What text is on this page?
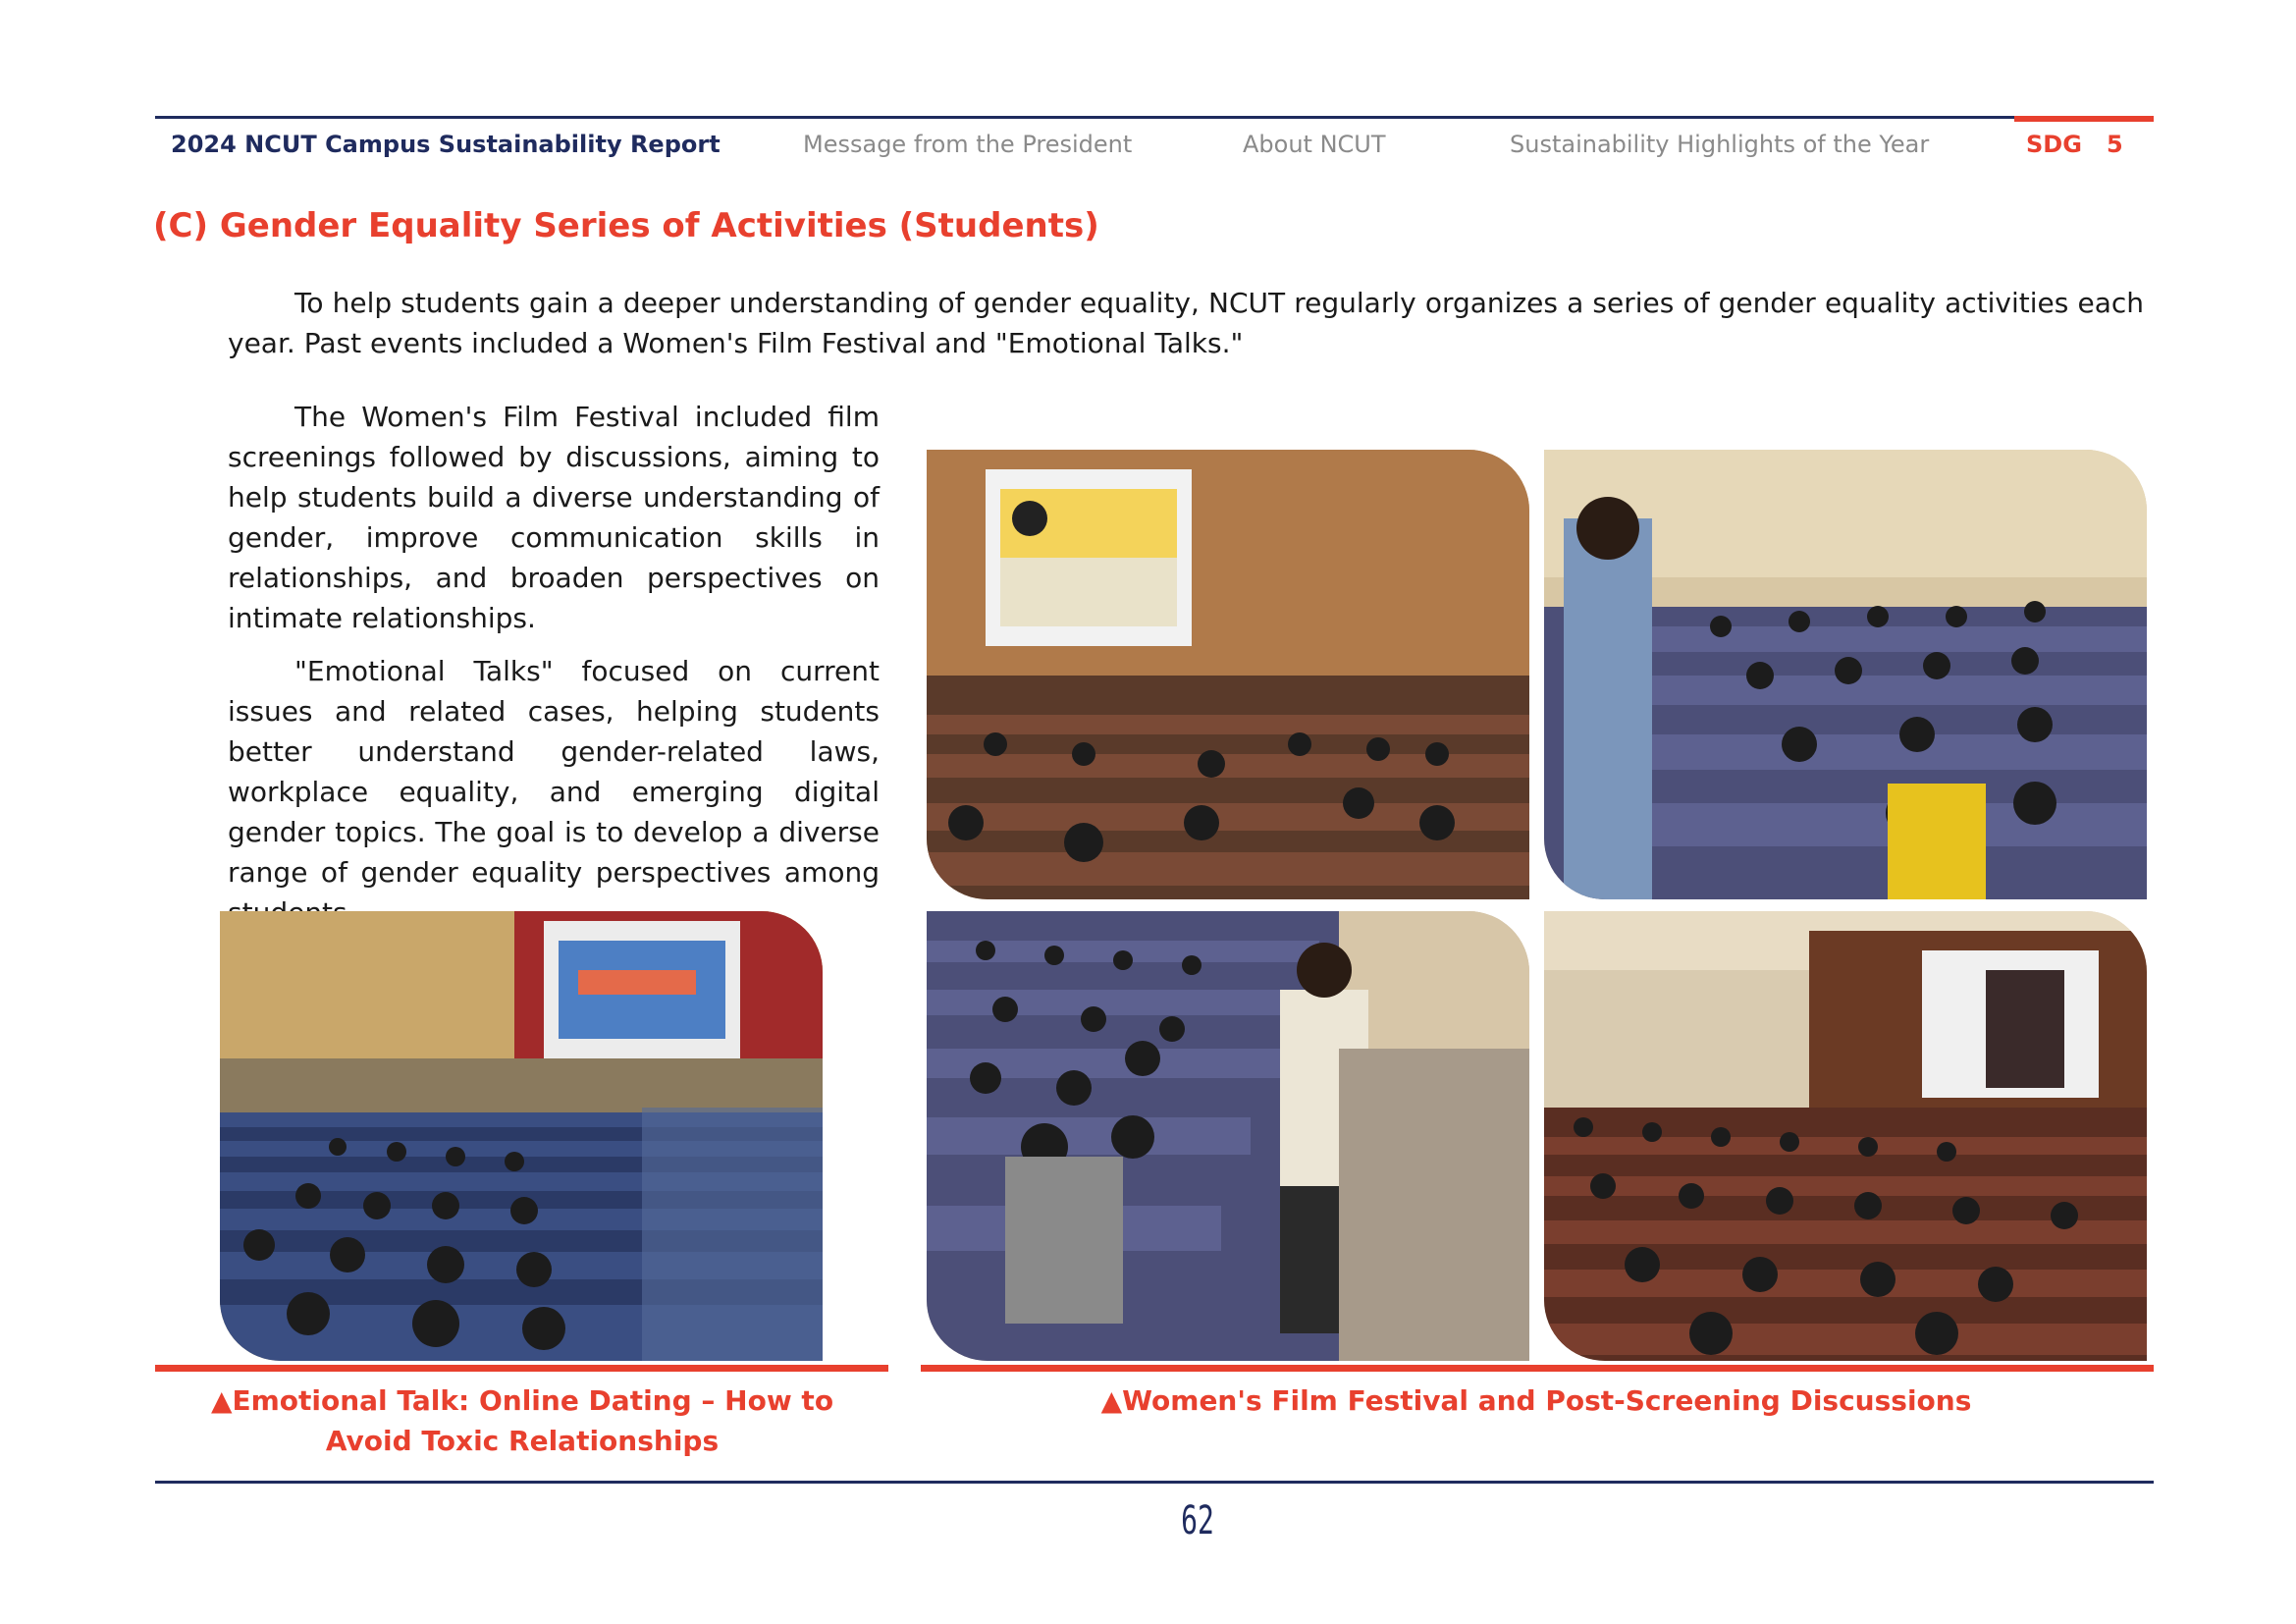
2024 NCUT Campus Sustainability Report	Message from the President	About NCUT	Sustainability Highlights of the Year	SDG 5
(C) Gender Equality Series of Activities (Students)
To help students gain a deeper understanding of gender equality, NCUT regularly organizes a series of gender equality activities each year. Past events included a Women's Film Festival and "Emotional Talks."
The Women's Film Festival included film screenings followed by discussions, aiming to help students build a diverse understanding of gender, improve communication skills in relationships, and broaden perspectives on intimate relationships.
"Emotional Talks" focused on current issues and related cases, helping students better understand gender-related laws, workplace equality, and emerging digital gender topics. The goal is to develop a diverse range of gender equality perspectives among
▲Emotional Talk: Online Dating – How to Avoid Toxic Relationships
▲Women's Film Festival and Post-Screening Discussions
62
